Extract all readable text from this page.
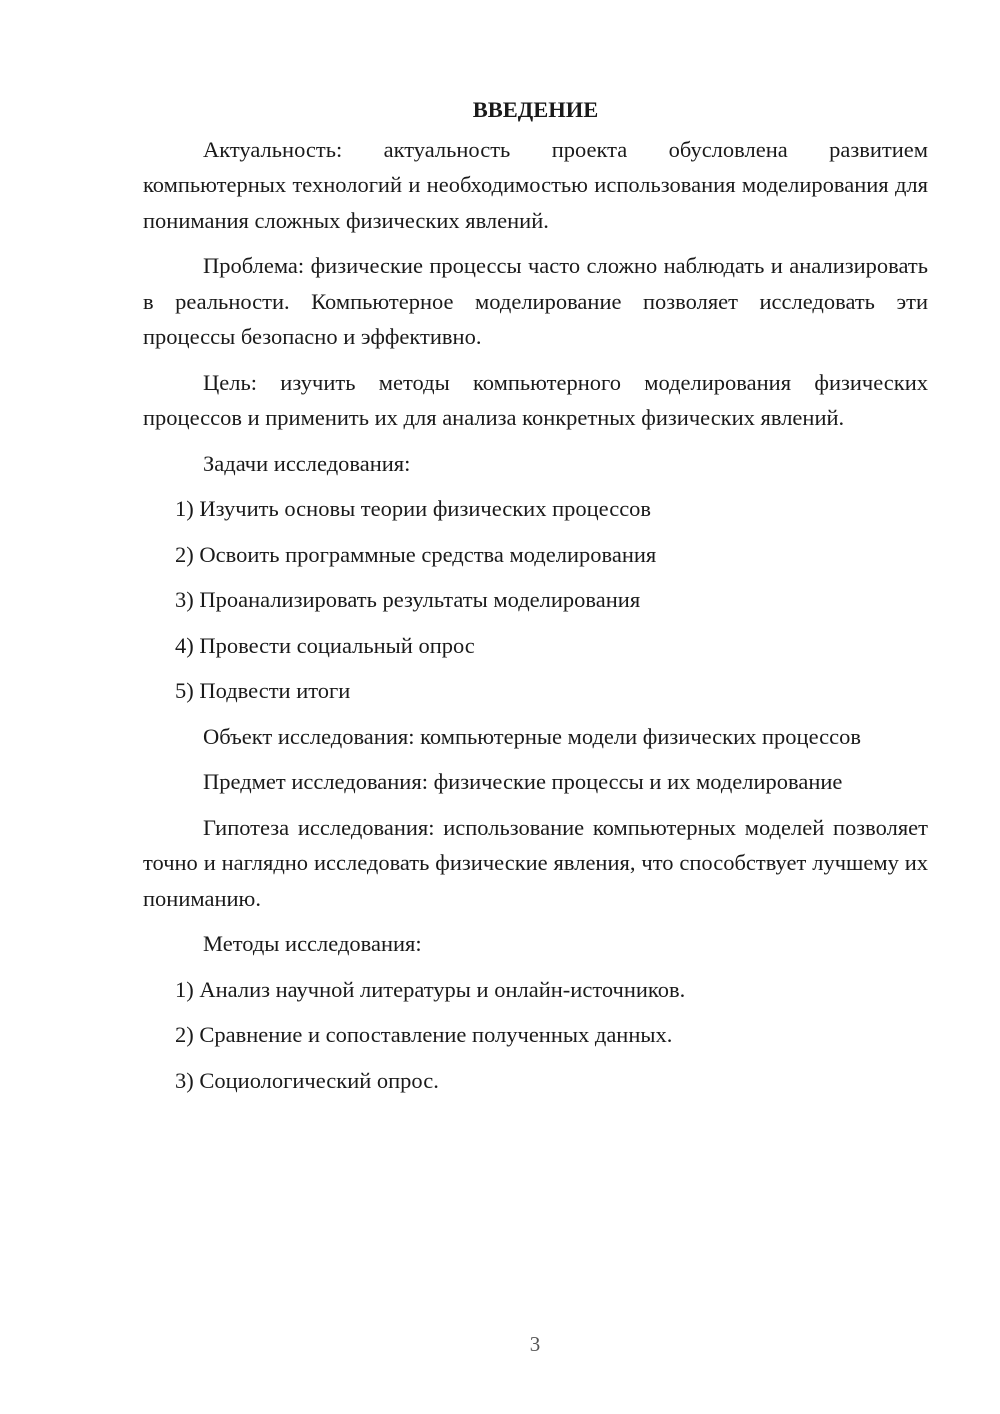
ВВЕДЕНИЕ

Актуальность: актуальность проекта обусловлена развитием компьютерных технологий и необходимостью использования моделирования для понимания сложных физических явлений.

Проблема: физические процессы часто сложно наблюдать и анализировать в реальности. Компьютерное моделирование позволяет исследовать эти процессы безопасно и эффективно.

Цель: изучить методы компьютерного моделирования физических процессов и применить их для анализа конкретных физических явлений.

Задачи исследования:

1) Изучить основы теории физических процессов
2) Освоить программные средства моделирования
3) Проанализировать результаты моделирования
4) Провести социальный опрос
5) Подвести итоги

Объект исследования: компьютерные модели физических процессов

Предмет исследования: физические процессы и их моделирование

Гипотеза исследования: использование компьютерных моделей позволяет точно и наглядно исследовать физические явления, что способствует лучшему их пониманию.

Методы исследования:

1) Анализ научной литературы и онлайн-источников.
2) Сравнение и сопоставление полученных данных.
3) Социологический опрос.
3
